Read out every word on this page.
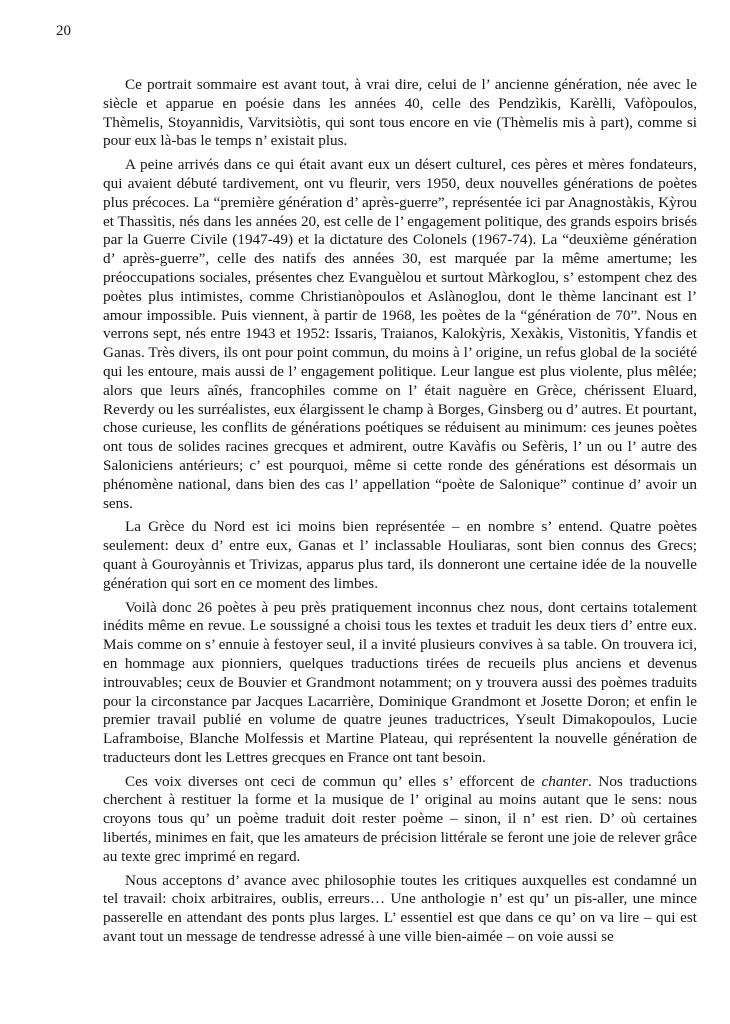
20

Ce portrait sommaire est avant tout, à vrai dire, celui de l’ ancienne génération, née avec le siècle et apparue en poésie dans les années 40, celle des Pendzìkis, Karèlli, Vafòpoulos, Thèmelis, Stoyannìdis, Varvitsiòtis, qui sont tous encore en vie (Thèmelis mis à part), comme si pour eux là-bas le temps n’ existait plus.

A peine arrivés dans ce qui était avant eux un désert culturel, ces pères et mères fondateurs, qui avaient débuté tardivement, ont vu fleurir, vers 1950, deux nouvelles générations de poètes plus précoces. La “première génération d’ après-guerre”, représentée ici par Anagnostàkis, Kỳrou et Thassìtis, nés dans les années 20, est celle de l’ engagement politique, des grands espoirs brisés par la Guerre Civile (1947-49) et la dictature des Colonels (1967-74). La “deuxième génération d’ après-guerre”, celle des natifs des années 30, est marquée par la même amertume; les préoccupations sociales, présentes chez Evanguèlou et surtout Màrkoglou, s’ estompent chez des poètes plus intimistes, comme Christianòpoulos et Aslànoglou, dont le thème lancinant est l’ amour impossible. Puis viennent, à partir de 1968, les poètes de la “génération de 70”. Nous en verrons sept, nés entre 1943 et 1952: Issaris, Traianos, Kalokỳris, Xexàkis, Vistonìtis, Yfandis et Ganas. Très divers, ils ont pour point commun, du moins à l’ origine, un refus global de la société qui les entoure, mais aussi de l’ engagement politique. Leur langue est plus violente, plus mêlée; alors que leurs aînés, francophiles comme on l’ était naguère en Grèce, chérissent Eluard, Reverdy ou les surréalistes, eux élargissent le champ à Borges, Ginsberg ou d’ autres. Et pourtant, chose curieuse, les conflits de générations poétiques se réduisent au minimum: ces jeunes poètes ont tous de solides racines grecques et admirent, outre Kavàfis ou Sefèris, l’ un ou l’ autre des Saloniciens antérieurs; c’ est pourquoi, même si cette ronde des générations est désormais un phénomène national, dans bien des cas l’ appellation “poète de Salonique” continue d’ avoir un sens.

La Grèce du Nord est ici moins bien représentée – en nombre s’ entend. Quatre poètes seulement: deux d’ entre eux, Ganas et l’ inclassable Houliaras, sont bien connus des Grecs; quant à Gouroyànnis et Trivizas, apparus plus tard, ils donneront une certaine idée de la nouvelle génération qui sort en ce moment des limbes.

Voilà donc 26 poètes à peu près pratiquement inconnus chez nous, dont certains totalement inédits même en revue. Le soussigné a choisi tous les textes et traduit les deux tiers d’ entre eux. Mais comme on s’ ennuie à festoyer seul, il a invité plusieurs convives à sa table. On trouvera ici, en hommage aux pionniers, quelques traductions tirées de recueils plus anciens et devenus introuvables; ceux de Bouvier et Grandmont notamment; on y trouvera aussi des poèmes traduits pour la circonstance par Jacques Lacarrière, Dominique Grandmont et Josette Doron; et enfin le premier travail publié en volume de quatre jeunes traductrices, Yseult Dimakopoulos, Lucie Laframboise, Blanche Molfessis et Martine Plateau, qui représentent la nouvelle génération de traducteurs dont les Lettres grecques en France ont tant besoin.

Ces voix diverses ont ceci de commun qu’ elles s’ efforcent de chanter. Nos traductions cherchent à restituer la forme et la musique de l’ original au moins autant que le sens: nous croyons tous qu’ un poème traduit doit rester poème – sinon, il n’ est rien. D’ où certaines libertés, minimes en fait, que les amateurs de précision littérale se feront une joie de relever grâce au texte grec imprimé en regard.

Nous acceptons d’ avance avec philosophie toutes les critiques auxquelles est condamné un tel travail: choix arbitraires, oublis, erreurs… Une anthologie n’ est qu’ un pis-aller, une mince passerelle en attendant des ponts plus larges. L’ essentiel est que dans ce qu’ on va lire – qui est avant tout un message de tendresse adressé à une ville bien-aimée – on voie aussi se
